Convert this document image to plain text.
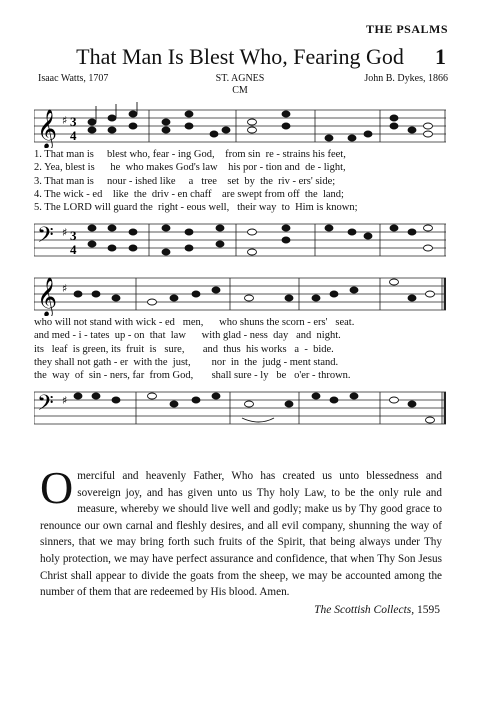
THE PSALMS
That Man Is Blest Who, Fearing God	1
Isaac Watts, 1707	ST. AGNES
CM
John B. Dykes, 1866
𝄞 ♯ 3
4
1. That man is     blest who, fear - ing God,    from sin  re - strains his feet,
2. Yea, blest is      he  who makes God's law    his por - tion and  de - light,
3. That man is     nour - ished like     a   tree    set  by  the  riv - ers' side;
4. The wick - ed    like  the  driv - en chaff    are swept from off  the  land;
5. The LORD will guard the  right - eous well,   their way  to  Him is known;
𝄢 ♯ 3
4
𝄞 ♯
who will not stand with wick - ed   men,      who shuns the scorn - ers'   seat.
and med - i - tates  up - on  that  law      with glad - ness  day   and  night.
its   leaf  is green, its  fruit  is   sure,       and  thus  his works   a  -  bide.
they shall not gath - er  with the  just,        nor  in  the  judg - ment stand.
the  way  of  sin - ners, far  from God,       shall sure - ly   be   o'er - thrown.
𝄢 ♯
Omerciful and heavenly Father, Who has created us unto blessedness and sovereign joy, and has given unto us Thy holy Law, to be the only rule and measure, whereby we should live well and godly; make us by Thy good grace to renounce our own carnal and fleshly desires, and all evil company, shunning the way of sinners, that we may bring forth such fruits of the Spirit, that being always under Thy holy protection, we may have perfect assurance and confidence, that when Thy Son Jesus Christ shall appear to divide the goats from the sheep, we may be accounted among the number of them that are redeemed by His blood. Amen.
The Scottish Collects, 1595
